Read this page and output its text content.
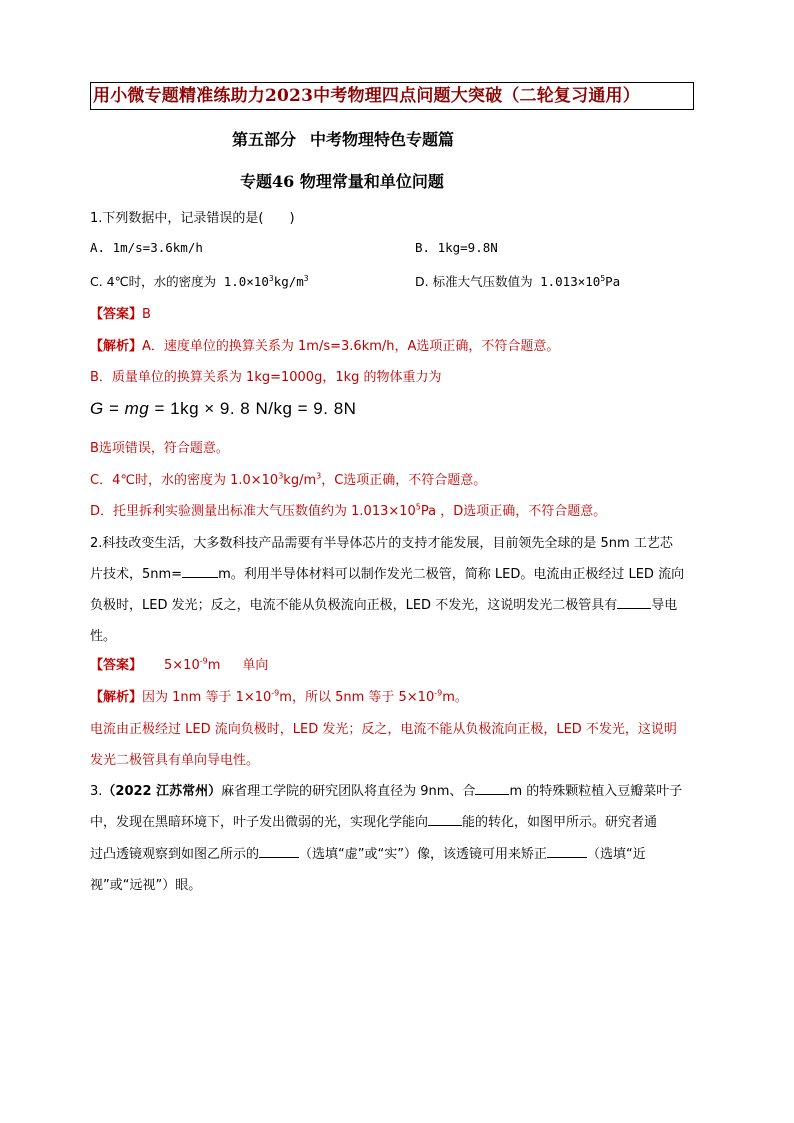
用小微专题精准练助力2023中考物理四点问题大突破（二轮复习通用）
第五部分 中考物理特色专题篇
专题46 物理常量和单位问题
1.下列数据中，记录错误的是(　　)
A. 1m/s=3.6km/h	B. 1kg=9.8N
C. 4℃时，水的密度为 $1.0\times 10^3kg/m^3$	D. 标准大气压数值为 $1.013\times 10^5Pa$
【答案】B
【解析】A．速度单位的换算关系为 1m/s=3.6km/h，A选项正确，不符合题意。
B．质量单位的换算关系为 1kg=1000g，1kg 的物体重力为
G = mg = 1kg × 9. 8 N/kg = 9. 8N
B选项错误，符合题意。
C．4℃时，水的密度为 $1.0\times 10^3kg/m^3$，C选项正确，不符合题意。
D．托里拆利实验测量出标准大气压数值约为 $1.013\times 10^5Pa$ ，D选项正确，不符合题意。
2.科技改变生活，大多数科技产品需要有半导体芯片的支持才能发展，目前领先全球的是 5nm 工艺芯
片技术，5nm=	m。利用半导体材料可以制作发光二极管，简称 LED。电流由正极经过 LED 流向
负极时，LED 发光；反之，电流不能从负极流向正极，LED 不发光，这说明发光二极管具有	导电
性。
【答案】 $5\times 10^{-9}m$ 单向
【解析】因为 1nm 等于 $1\times 10^{-9}m$，所以 5nm 等于 $5\times 10^{-9}m$。
电流由正极经过 LED 流向负极时，LED 发光；反之，电流不能从负极流向正极，LED 不发光，这说明
发光二极管具有单向导电性。
3.（2022 江苏常州）麻省理工学院的研究团队将直径为 9nm、合	m 的特殊颗粒植入豆瓣菜叶子
中，发现在黑暗环境下，叶子发出微弱的光，实现化学能向	能的转化，如图甲所示。研究者通
过凸透镜观察到如图乙所示的	（选填“虚”或“实”）像，该透镜可用来矫正	（选填“近
视”或“远视”）眼。
